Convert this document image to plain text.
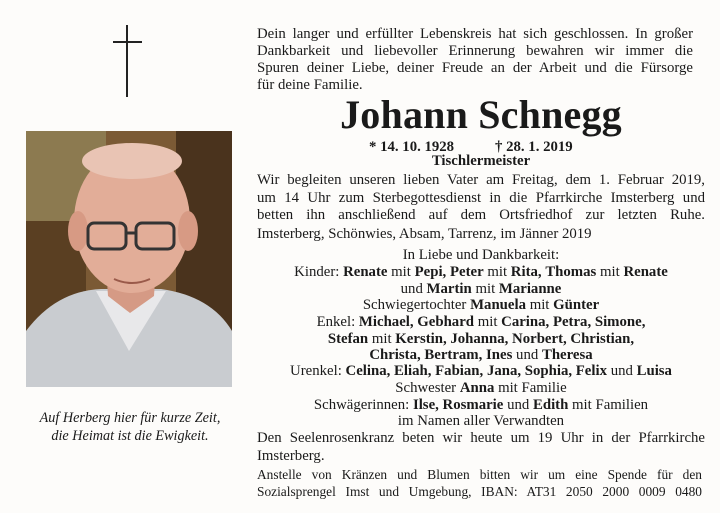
Auf Herberg hier für kurze Zeit,
die Heimat ist die Ewigkeit.
Dein langer und erfüllter Lebenskreis hat sich geschlossen. In großer
Dankbarkeit und liebevoller Erinnerung bewahren wir immer die
Spuren deiner Liebe, deiner Freude an der Arbeit und die Fürsorge
für deine Familie.
Johann Schnegg
* 14. 10. 1928	† 28. 1. 2019
Tischlermeister
Wir begleiten unseren lieben Vater am Freitag, dem 1. Februar 2019,
um 14 Uhr zum Sterbegottesdienst in die Pfarrkirche Imsterberg und
betten ihn anschließend auf dem Ortsfriedhof zur letzten Ruhe.
Imsterberg, Schönwies, Absam, Tarrenz, im Jänner 2019
In Liebe und Dankbarkeit:
Kinder: Renate mit Pepi, Peter mit Rita, Thomas mit Renate
und Martin mit Marianne
Schwiegertochter Manuela mit Günter
Enkel: Michael, Gebhard mit Carina, Petra, Simone,
Stefan mit Kerstin, Johanna, Norbert, Christian,
Christa, Bertram, Ines und Theresa
Urenkel: Celina, Eliah, Fabian, Jana, Sophia, Felix und Luisa
Schwester Anna mit Familie
Schwägerinnen: Ilse, Rosmarie und Edith mit Familien
im Namen aller Verwandten
Den Seelenrosenkranz beten wir heute um 19 Uhr in der Pfarrkirche
Imsterberg.
Anstelle von Kränzen und Blumen bitten wir um eine Spende für den
Sozialsprengel Imst und Umgebung, IBAN: AT31 2050 2000 0009 0480
